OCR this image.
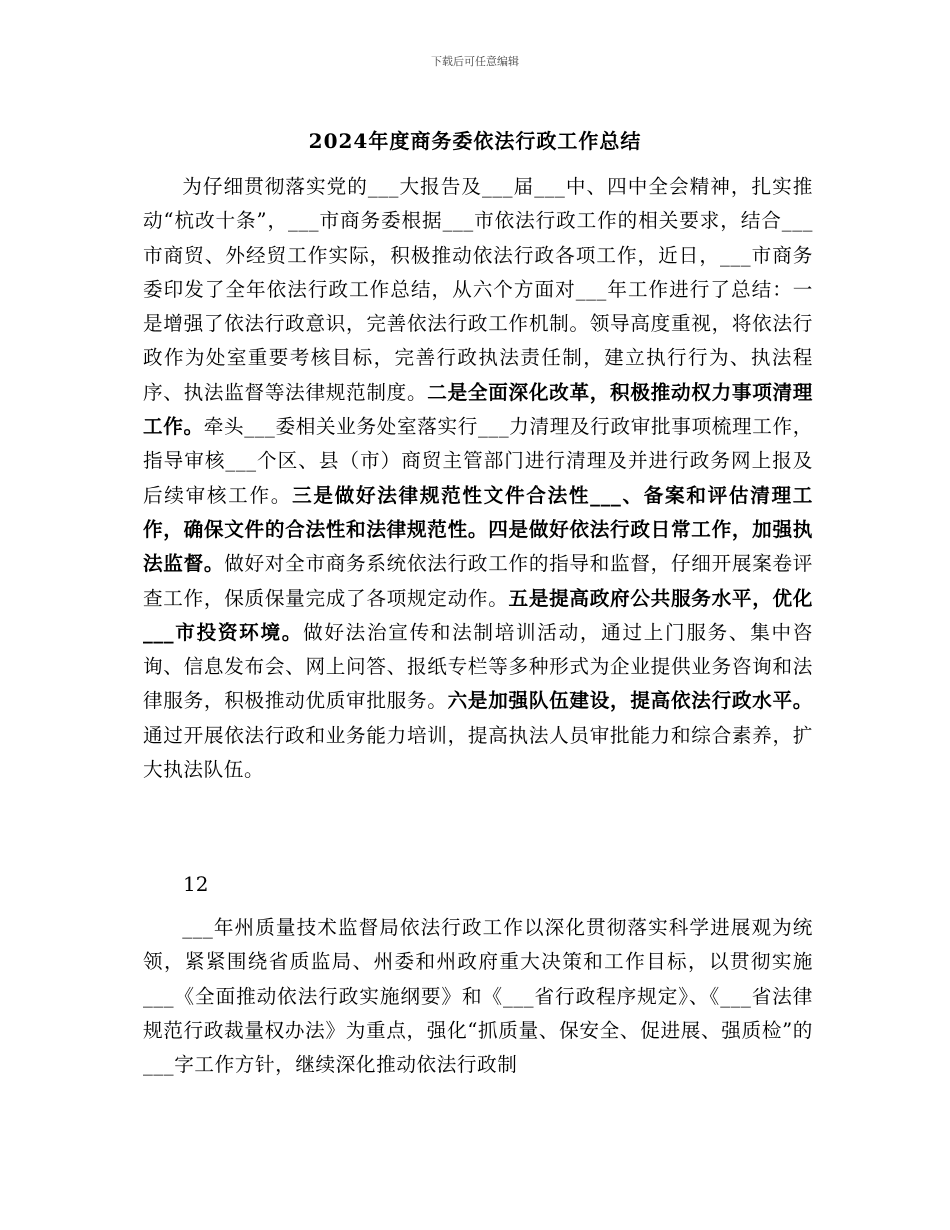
下载后可任意编辑
2024年度商务委依法行政工作总结

为仔细贯彻落实党的___大报告及___届___中、四中全会精神，扎实推动“杭改十条”，___市商务委根据___市依法行政工作的相关要求，结合___市商贸、外经贸工作实际，积极推动依法行政各项工作，近日，___市商务委印发了全年依法行政工作总结，从六个方面对___年工作进行了总结：一是增强了依法行政意识，完善依法行政工作机制。领导高度重视，将依法行政作为处室重要考核目标，完善行政执法责任制，建立执行行为、执法程序、执法监督等法律规范制度。二是全面深化改革，积极推动权力事项清理工作。牵头___委相关业务处室落实行___力清理及行政审批事项梳理工作，指导审核___个区、县（市）商贸主管部门进行清理及并进行政务网上报及后续审核工作。三是做好法律规范性文件合法性___、备案和评估清理工作，确保文件的合法性和法律规范性。四是做好依法行政日常工作，加强执法监督。做好对全市商务系统依法行政工作的指导和监督，仔细开展案卷评查工作，保质保量完成了各项规定动作。五是提高政府公共服务水平，优化___市投资环境。做好法治宣传和法制培训活动，通过上门服务、集中咨询、信息发布会、网上问答、报纸专栏等多种形式为企业提供业务咨询和法律服务，积极推动优质审批服务。六是加强队伍建设，提高依法行政水平。通过开展依法行政和业务能力培训，提高执法人员审批能力和综合素养，扩大执法队伍。

12

___年州质量技术监督局依法行政工作以深化贯彻落实科学进展观为统领，紧紧围绕省质监局、州委和州政府重大决策和工作目标，以贯彻实施___《全面推动依法行政实施纲要》和《___省行政程序规定》、《___省法律规范行政裁量权办法》为重点，强化“抓质量、保安全、促进展、强质检”的___字工作方针，继续深化推动依法行政制
